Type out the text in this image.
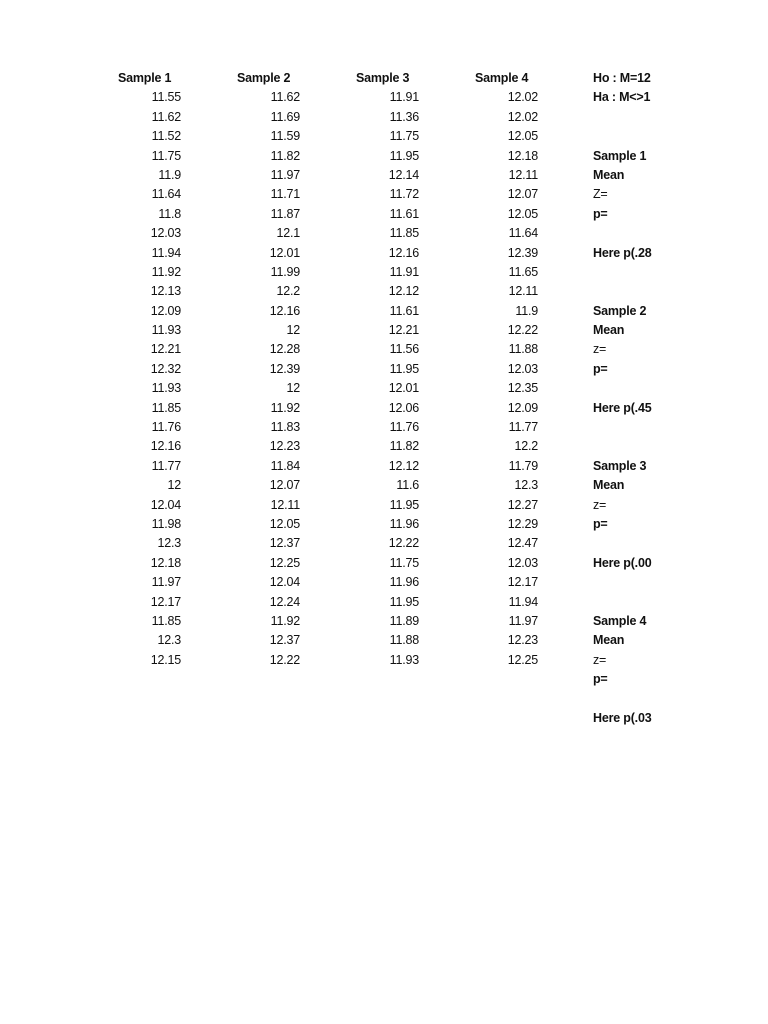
Sample 1
11.55
11.62
11.52
11.75
11.9
11.64
11.8
12.03
11.94
11.92
12.13
12.09
11.93
12.21
12.32
11.93
11.85
11.76
12.16
11.77
12
12.04
11.98
12.3
12.18
11.97
12.17
11.85
12.3
12.15
Sample 2
11.62
11.69
11.59
11.82
11.97
11.71
11.87
12.1
12.01
11.99
12.2
12.16
12
12.28
12.39
12
11.92
11.83
12.23
11.84
12.07
12.11
12.05
12.37
12.25
12.04
12.24
11.92
12.37
12.22
Sample 3
11.91
11.36
11.75
11.95
12.14
11.72
11.61
11.85
12.16
11.91
12.12
11.61
12.21
11.56
11.95
12.01
12.06
11.76
11.82
12.12
11.6
11.95
11.96
12.22
11.75
11.96
11.95
11.89
11.88
11.93
Sample 4
12.02
12.02
12.05
12.18
12.11
12.07
12.05
11.64
12.39
11.65
12.11
11.9
12.22
11.88
12.03
12.35
12.09
11.77
12.2
11.79
12.3
12.27
12.29
12.47
12.03
12.17
11.94
11.97
12.23
12.25
Ho : M=12
Ha : M<>1
Sample 1
Mean
Z=
p=
Here p(.28
Sample 2
Mean
z=
p=
Here p(.45
Sample 3
Mean
z=
p=
Here p(.00
Sample 4
Mean
z=
p=
Here p(.03
